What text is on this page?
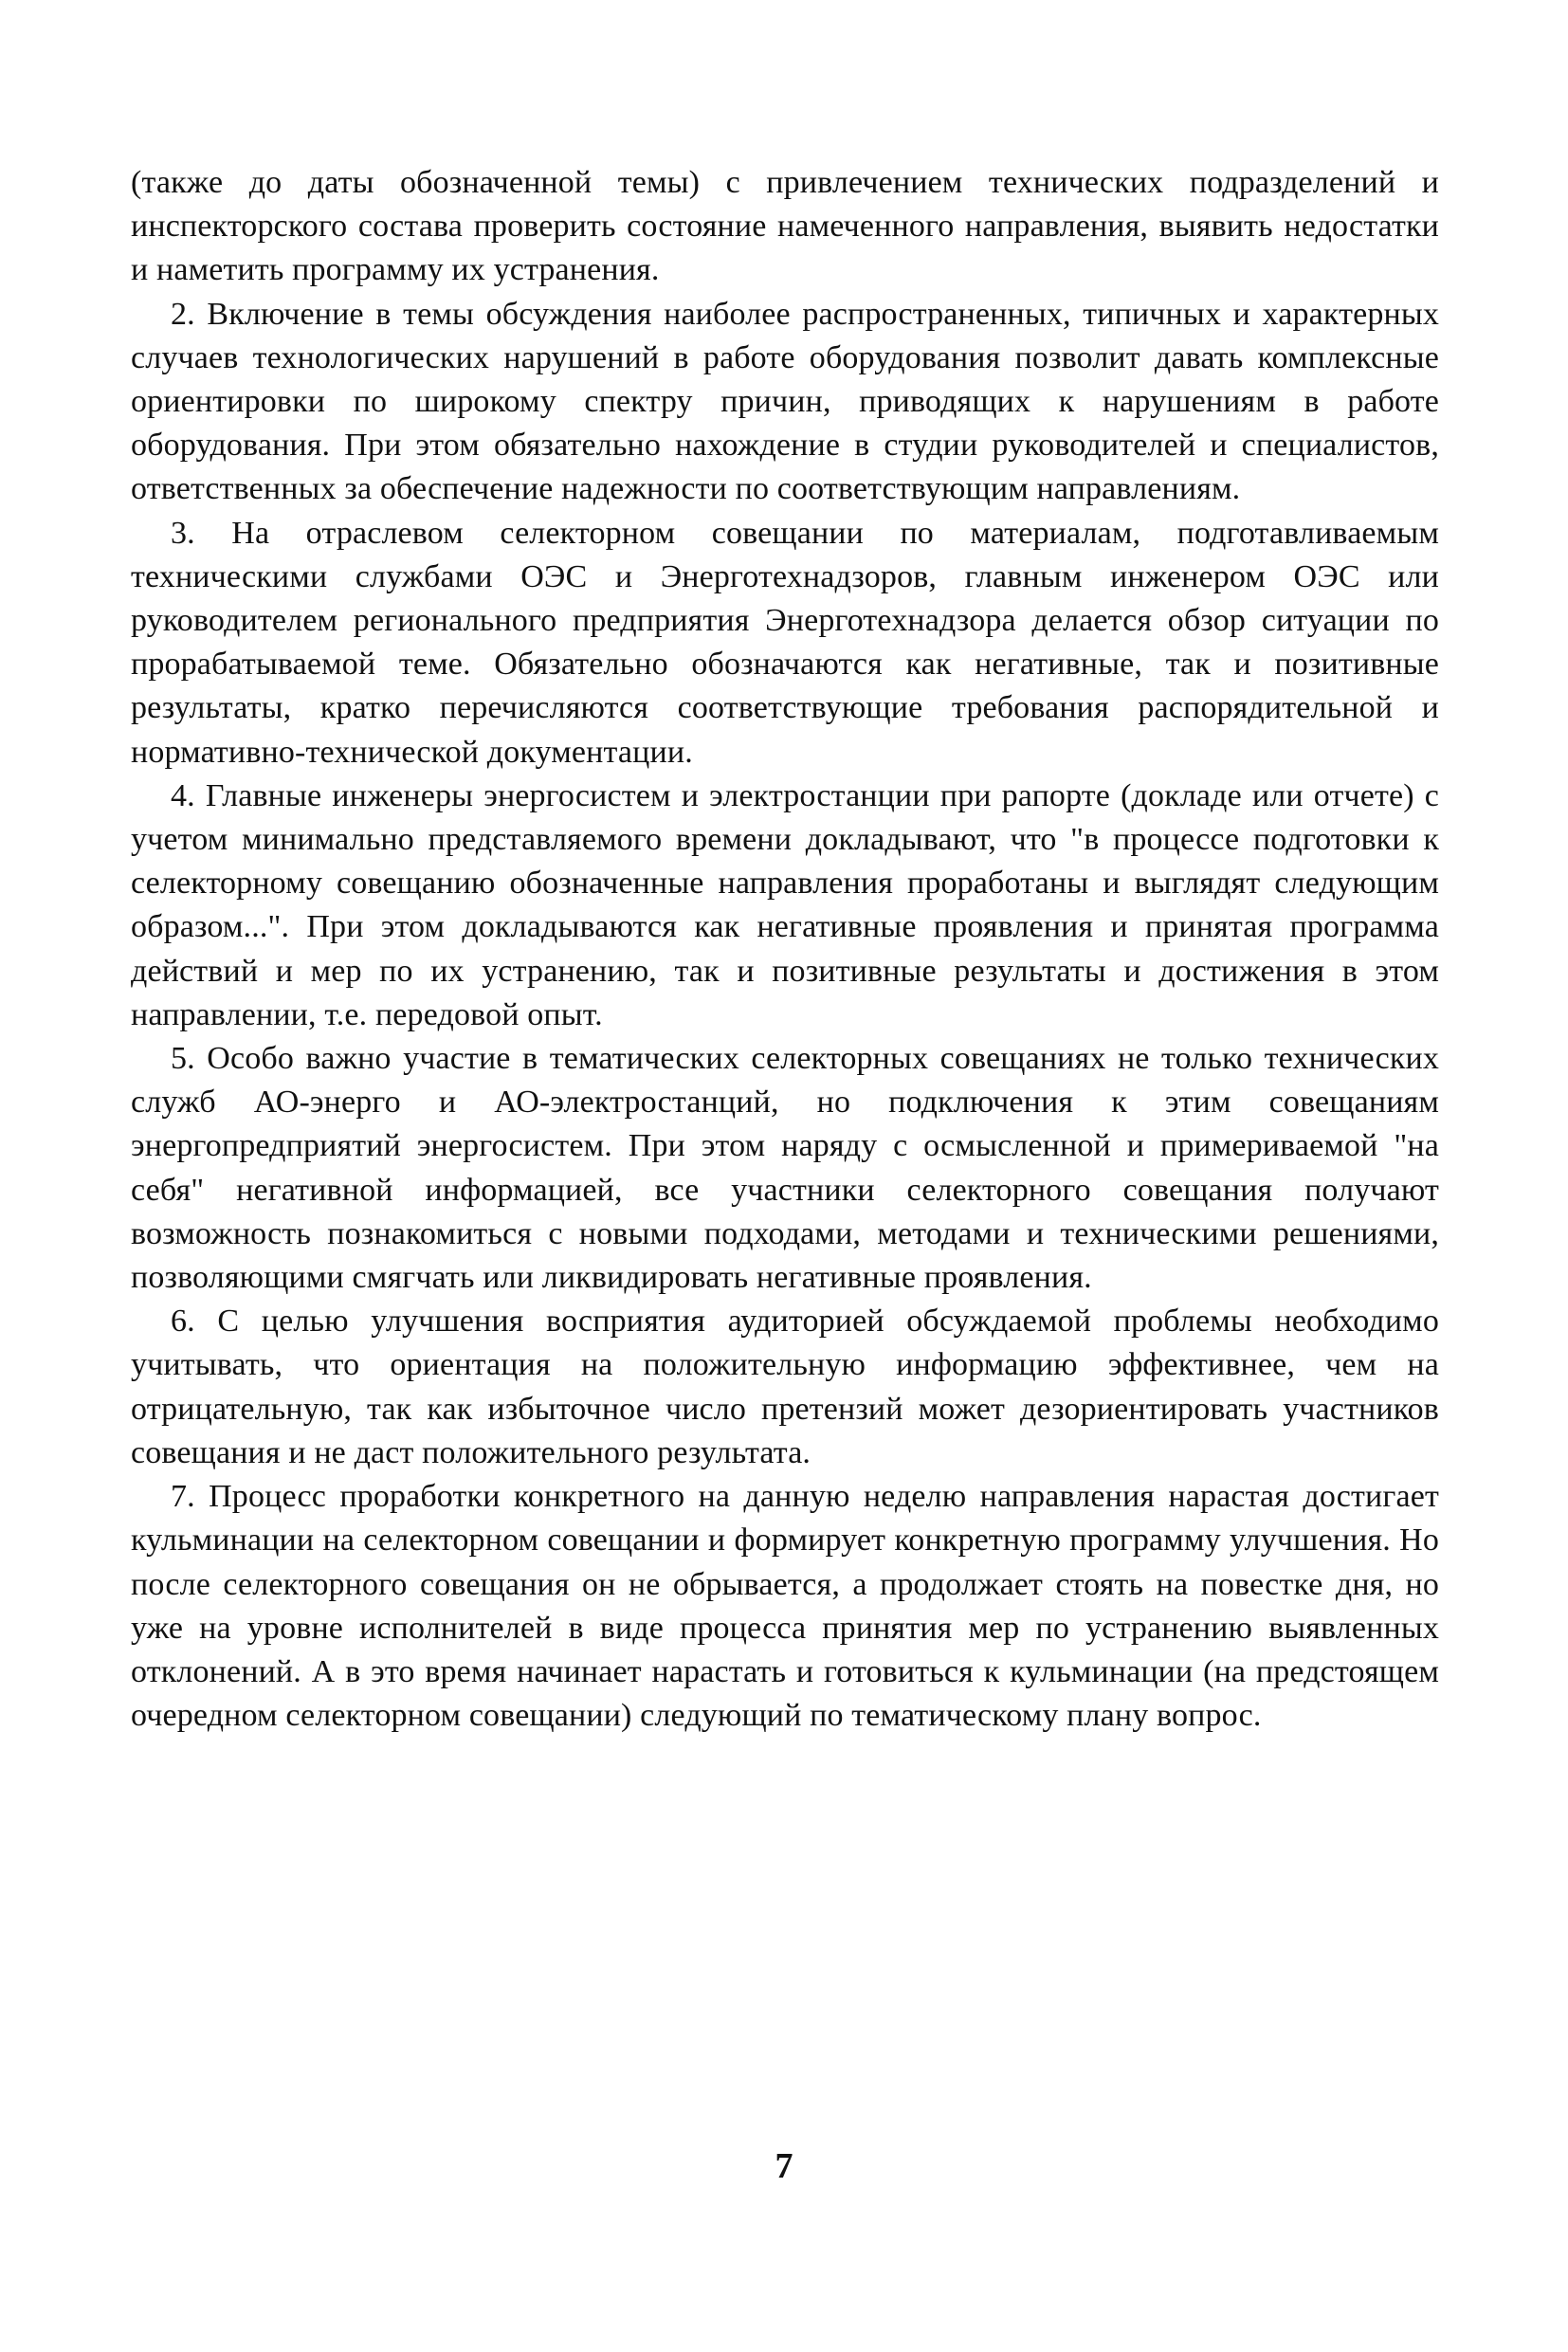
(также до даты обозначенной темы) с привлечением технических подразделений и инспекторского состава проверить состояние намеченного направления, выявить недостатки и наметить программу их устранения.

2. Включение в темы обсуждения наиболее распространенных, типичных и характерных случаев технологических нарушений в работе оборудования позволит давать комплексные ориентировки по широкому спектру причин, приводящих к нарушениям в работе оборудования. При этом обязательно нахождение в студии руководителей и специалистов, ответственных за обеспечение надежности по соответствующим направлениям.

3. На отраслевом селекторном совещании по материалам, подготавливаемым техническими службами ОЭС и Энерготехнадзоров, главным инженером ОЭС или руководителем регионального предприятия Энерготехнадзора делается обзор ситуации по прорабатываемой теме. Обязательно обозначаются как негативные, так и позитивные результаты, кратко перечисляются соответствующие требования распорядительной и нормативно-технической документации.

4. Главные инженеры энергосистем и электростанции при рапорте (докладе или отчете) с учетом минимально представляемого времени докладывают, что "в процессе подготовки к селекторному совещанию обозначенные направления проработаны и выглядят следующим образом...". При этом докладываются как негативные проявления и принятая программа действий и мер по их устранению, так и позитивные результаты и достижения в этом направлении, т.е. передовой опыт.

5. Особо важно участие в тематических селекторных совещаниях не только технических служб АО-энерго и АО-электростанций, но подключения к этим совещаниям энергопредприятий энергосистем. При этом наряду с осмысленной и примериваемой "на себя" негативной информацией, все участники селекторного совещания получают возможность познакомиться с новыми подходами, методами и техническими решениями, позволяющими смягчать или ликвидировать негативные проявления.

6. С целью улучшения восприятия аудиторией обсуждаемой проблемы необходимо учитывать, что ориентация на положительную информацию эффективнее, чем на отрицательную, так как избыточное число претензий может дезориентировать участников совещания и не даст положительного результата.

7. Процесс проработки конкретного на данную неделю направления нарастая достигает кульминации на селекторном совещании и формирует конкретную программу улучшения. Но после селекторного совещания он не обрывается, а продолжает стоять на повестке дня, но уже на уровне исполнителей в виде процесса принятия мер по устранению выявленных отклонений. А в это время начинает нарастать и готовиться к кульминации (на предстоящем очередном селекторном совещании) следующий по тематическому плану вопрос.

7
